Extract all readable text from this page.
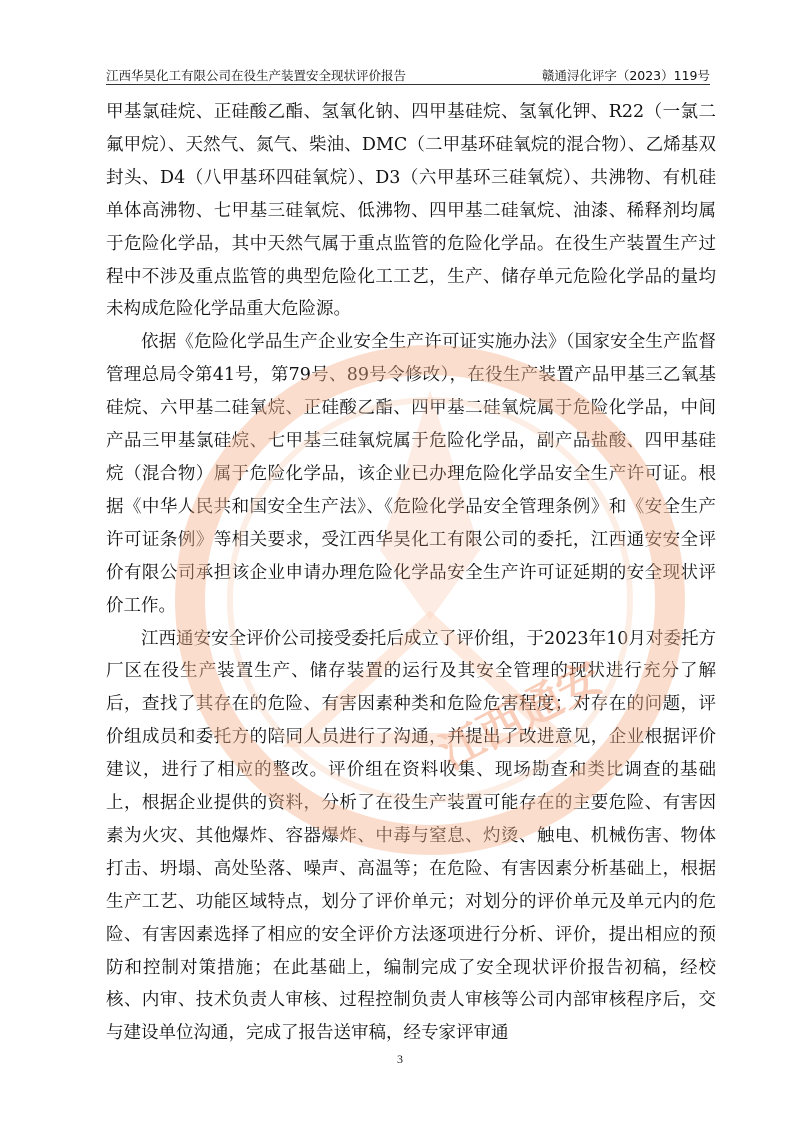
江西华昊化工有限公司在役生产装置安全现状评价报告	赣通浔化评字（2023）119号

甲基氯硅烷、正硅酸乙酯、氢氧化钠、四甲基硅烷、氢氧化钾、R22（一氯二氟甲烷）、天然气、氮气、柴油、DMC（二甲基环硅氧烷的混合物）、乙烯基双封头、D4（八甲基环四硅氧烷）、D3（六甲基环三硅氧烷）、共沸物、有机硅单体高沸物、七甲基三硅氧烷、低沸物、四甲基二硅氧烷、油漆、稀释剂均属于危险化学品，其中天然气属于重点监管的危险化学品。在役生产装置生产过程中不涉及重点监管的典型危险化工工艺，生产、储存单元危险化学品的量均未构成危险化学品重大危险源。

依据《危险化学品生产企业安全生产许可证实施办法》（国家安全生产监督管理总局令第41号，第79号、89号令修改），在役生产装置产品甲基三乙氧基硅烷、六甲基二硅氧烷、正硅酸乙酯、四甲基二硅氧烷属于危险化学品，中间产品三甲基氯硅烷、七甲基三硅氧烷属于危险化学品，副产品盐酸、四甲基硅烷（混合物）属于危险化学品，该企业已办理危险化学品安全生产许可证。根据《中华人民共和国安全生产法》、《危险化学品安全管理条例》和《安全生产许可证条例》等相关要求，受江西华昊化工有限公司的委托，江西通安安全评价有限公司承担该企业申请办理危险化学品安全生产许可证延期的安全现状评价工作。

江西通安安全评价公司接受委托后成立了评价组，于2023年10月对委托方厂区在役生产装置生产、储存装置的运行及其安全管理的现状进行充分了解后，查找了其存在的危险、有害因素种类和危险危害程度；对存在的问题，评价组成员和委托方的陪同人员进行了沟通，并提出了改进意见，企业根据评价建议，进行了相应的整改。评价组在资料收集、现场勘查和类比调查的基础上，根据企业提供的资料，分析了在役生产装置可能存在的主要危险、有害因素为火灾、其他爆炸、容器爆炸、中毒与窒息、灼烫、触电、机械伤害、物体打击、坍塌、高处坠落、噪声、高温等；在危险、有害因素分析基础上，根据生产工艺、功能区域特点，划分了评价单元；对划分的评价单元及单元内的危险、有害因素选择了相应的安全评价方法逐项进行分析、评价，提出相应的预防和控制对策措施；在此基础上，编制完成了安全现状评价报告初稿，经校核、内审、技术负责人审核、过程控制负责人审核等公司内部审核程序后，交与建设单位沟通，完成了报告送审稿，经专家评审通

江西通安
3
